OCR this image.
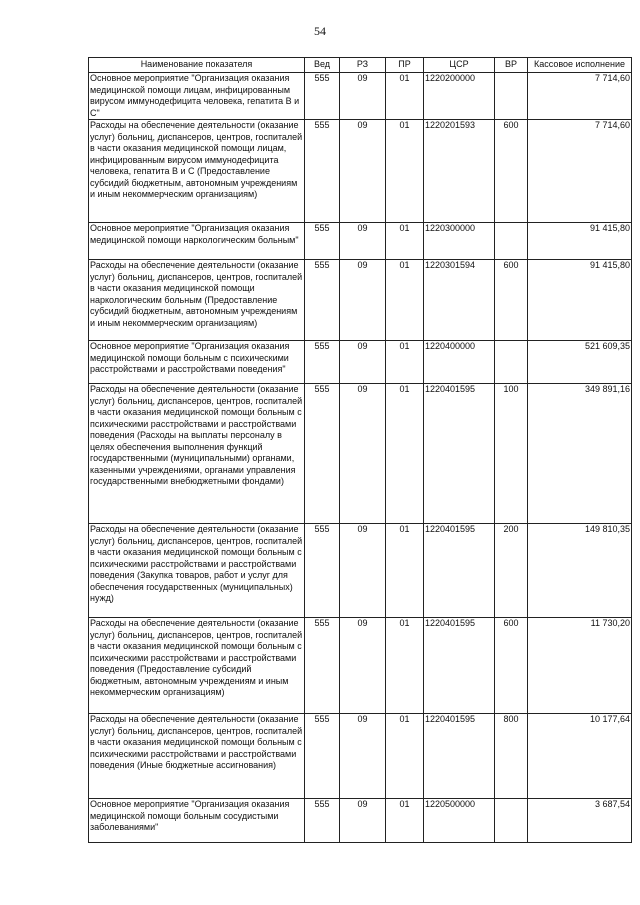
54
Наименование показателя	Вед	РЗ	ПР	ЦСР	ВР	Кассовое исполнение
Основное мероприятие "Организация оказания медицинской помощи лицам, инфицированным вирусом иммунодефицита человека, гепатита В и С"	555	09	01	1220200000		7 714,60
Расходы на обеспечение деятельности (оказание услуг) больниц, диспансеров, центров, госпиталей в части оказания медицинской помощи лицам, инфицированным вирусом иммунодефицита человека, гепатита В и С (Предоставление субсидий бюджетным, автономным учреждениям и иным некоммерческим организациям)	555	09	01	1220201593	600	7 714,60
Основное мероприятие "Организация оказания медицинской помощи наркологическим больным"	555	09	01	1220300000		91 415,80
Расходы на обеспечение деятельности (оказание услуг) больниц, диспансеров, центров, госпиталей в части оказания медицинской помощи наркологическим больным (Предоставление субсидий бюджетным, автономным учреждениям и иным некоммерческим организациям)	555	09	01	1220301594	600	91 415,80
Основное мероприятие "Организация оказания медицинской помощи больным с психическими расстройствами и расстройствами поведения"	555	09	01	1220400000		521 609,35
Расходы на обеспечение деятельности (оказание услуг) больниц, диспансеров, центров, госпиталей в части оказания медицинской помощи больным с психическими расстройствами и расстройствами поведения (Расходы на выплаты персоналу в целях обеспечения выполнения функций государственными (муниципальными) органами, казенными учреждениями, органами управления государственными внебюджетными фондами)	555	09	01	1220401595	100	349 891,16
Расходы на обеспечение деятельности (оказание услуг) больниц, диспансеров, центров, госпиталей в части оказания медицинской помощи больным с психическими расстройствами и расстройствами поведения (Закупка товаров, работ и услуг для обеспечения государственных (муниципальных) нужд)	555	09	01	1220401595	200	149 810,35
Расходы на обеспечение деятельности (оказание услуг) больниц, диспансеров, центров, госпиталей в части оказания медицинской помощи больным с психическими расстройствами и расстройствами поведения (Предоставление субсидий бюджетным, автономным учреждениям и иным некоммерческим организациям)	555	09	01	1220401595	600	11 730,20
Расходы на обеспечение деятельности (оказание услуг) больниц, диспансеров, центров, госпиталей в части оказания медицинской помощи больным с психическими расстройствами и расстройствами поведения (Иные бюджетные ассигнования)	555	09	01	1220401595	800	10 177,64
Основное мероприятие "Организация оказания медицинской помощи больным сосудистыми заболеваниями"	555	09	01	1220500000		3 687,54
